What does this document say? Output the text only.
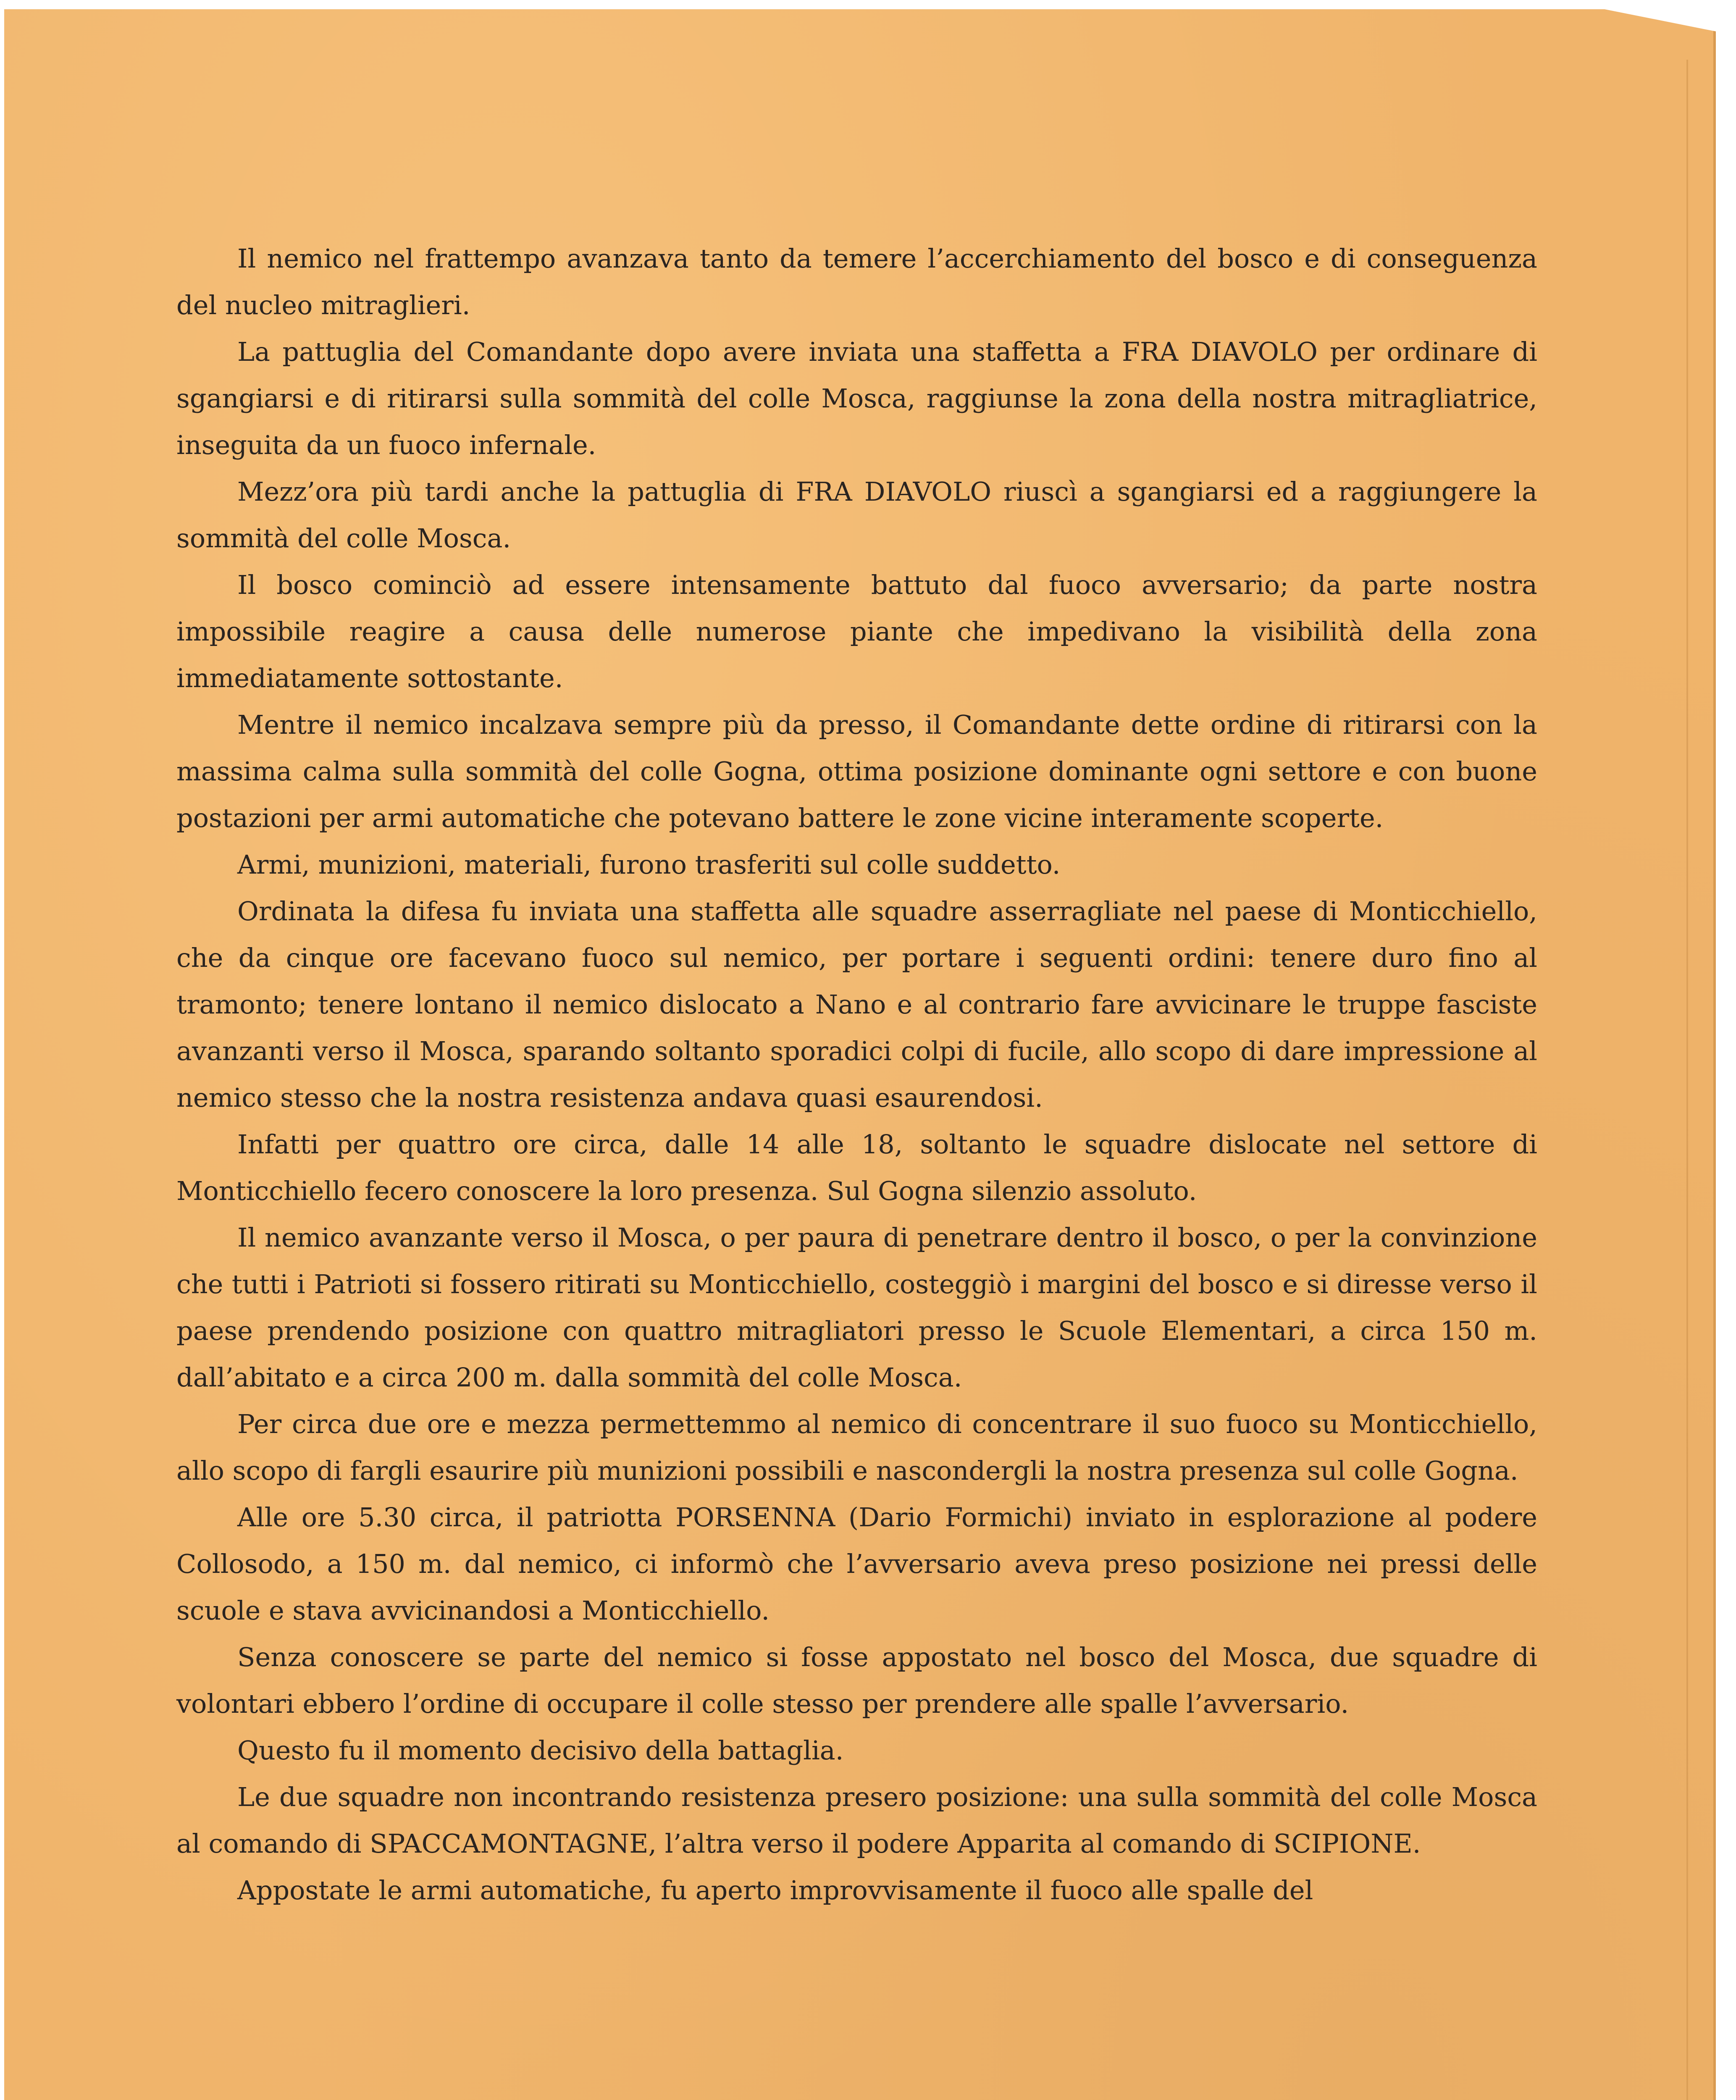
Il nemico nel frattempo avanzava tanto da temere l’accerchiamento del bosco e di conseguenza del nucleo mitraglieri.

La pattuglia del Comandante dopo avere inviata una staffetta a FRA DIAVOLO per ordinare di sgangiarsi e di ritirarsi sulla sommità del colle Mosca, raggiunse la zona della nostra mitragliatrice, inseguita da un fuoco infernale.

Mezz’ora più tardi anche la pattuglia di FRA DIAVOLO riuscì a sgangiarsi ed a raggiungere la sommità del colle Mosca.

Il bosco cominciò ad essere intensamente battuto dal fuoco avversario; da parte nostra impossibile reagire a causa delle numerose piante che impedivano la visibilità della zona immediatamente sottostante.

Mentre il nemico incalzava sempre più da presso, il Comandante dette ordine di ritirarsi con la massima calma sulla sommità del colle Gogna, ottima posizione dominante ogni settore e con buone postazioni per armi automatiche che potevano battere le zone vicine interamente scoperte.

Armi, munizioni, materiali, furono trasferiti sul colle suddetto.

Ordinata la difesa fu inviata una staffetta alle squadre asserragliate nel paese di Monticchiello, che da cinque ore facevano fuoco sul nemico, per portare i seguenti ordini: tenere duro fino al tramonto; tenere lontano il nemico dislocato a Nano e al contrario fare avvicinare le truppe fasciste avanzanti verso il Mosca, sparando soltanto sporadici colpi di fucile, allo scopo di dare impressione al nemico stesso che la nostra resistenza andava quasi esaurendosi.

Infatti per quattro ore circa, dalle 14 alle 18, soltanto le squadre dislocate nel settore di Monticchiello fecero conoscere la loro presenza. Sul Gogna silenzio assoluto.

Il nemico avanzante verso il Mosca, o per paura di penetrare dentro il bosco, o per la convinzione che tutti i Patrioti si fossero ritirati su Monticchiello, costeggiò i margini del bosco e si diresse verso il paese prendendo posizione con quattro mitragliatori presso le Scuole Elementari, a circa 150 m. dall’abitato e a circa 200 m. dalla sommità del colle Mosca.

Per circa due ore e mezza permettemmo al nemico di concentrare il suo fuoco su Monticchiello, allo scopo di fargli esaurire più munizioni possibili e nascondergli la nostra presenza sul colle Gogna.

Alle ore 5.30 circa, il patriotta PORSENNA (Dario Formichi) inviato in esplorazione al podere Collosodo, a 150 m. dal nemico, ci informò che l’avversario aveva preso posizione nei pressi delle scuole e stava avvicinandosi a Monticchiello.

Senza conoscere se parte del nemico si fosse appostato nel bosco del Mosca, due squadre di volontari ebbero l’ordine di occupare il colle stesso per prendere alle spalle l’avversario.

Questo fu il momento decisivo della battaglia.

Le due squadre non incontrando resistenza presero posizione: una sulla sommità del colle Mosca al comando di SPACCAMONTAGNE, l’altra verso il podere Apparita al comando di SCIPIONE.

Appostate le armi automatiche, fu aperto improvvisamente il fuoco alle spalle del
